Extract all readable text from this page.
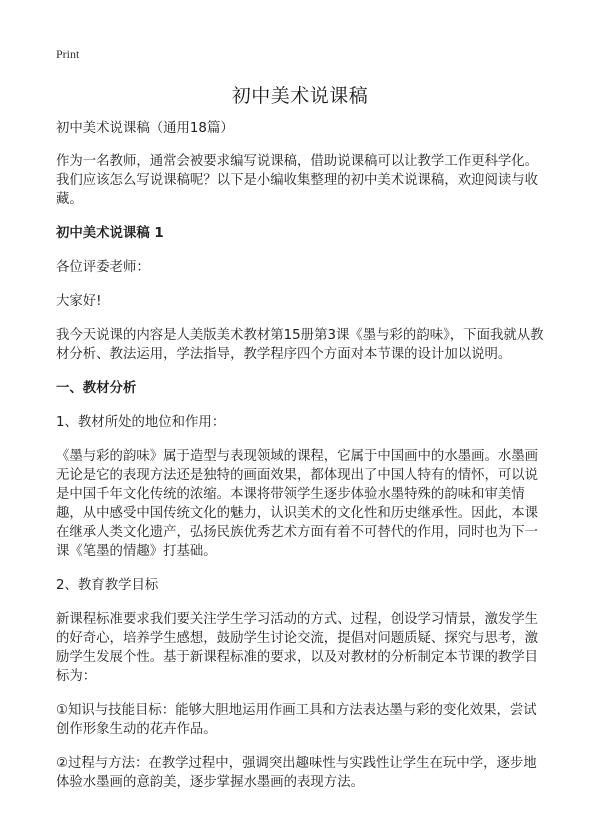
Print
初中美术说课稿

初中美术说课稿（通用18篇）

作为一名教师，通常会被要求编写说课稿，借助说课稿可以让教学工作更科学化。我们应该怎么写说课稿呢？以下是小编收集整理的初中美术说课稿，欢迎阅读与收藏。

初中美术说课稿 1

各位评委老师：

大家好!

我今天说课的内容是人美版美术教材第15册第3课《墨与彩的韵味》，下面我就从教材分析、教法运用，学法指导，教学程序四个方面对本节课的设计加以说明。

一、教材分析

1、教材所处的地位和作用：

《墨与彩的韵味》属于造型与表现领域的课程，它属于中国画中的水墨画。水墨画无论是它的表现方法还是独特的画面效果，都体现出了中国人特有的情怀，可以说是中国千年文化传统的浓缩。本课将带领学生逐步体验水墨特殊的韵味和审美情趣，从中感受中国传统文化的魅力，认识美术的文化性和历史继承性。因此，本课在继承人类文化遗产，弘扬民族优秀艺术方面有着不可替代的作用，同时也为下一课《笔墨的情趣》打基础。

2、教育教学目标

新课程标准要求我们要关注学生学习活动的方式、过程，创设学习情景，激发学生的好奇心，培养学生感想，鼓励学生讨论交流，提倡对问题质疑、探究与思考，激励学生发展个性。基于新课程标准的要求，以及对教材的分析制定本节课的教学目标为：

①知识与技能目标：能够大胆地运用作画工具和方法表达墨与彩的变化效果，尝试创作形象生动的花卉作品。

②过程与方法：在教学过程中，强调突出趣味性与实践性让学生在玩中学，逐步地体验水墨画的意韵美，逐步掌握水墨画的表现方法。
